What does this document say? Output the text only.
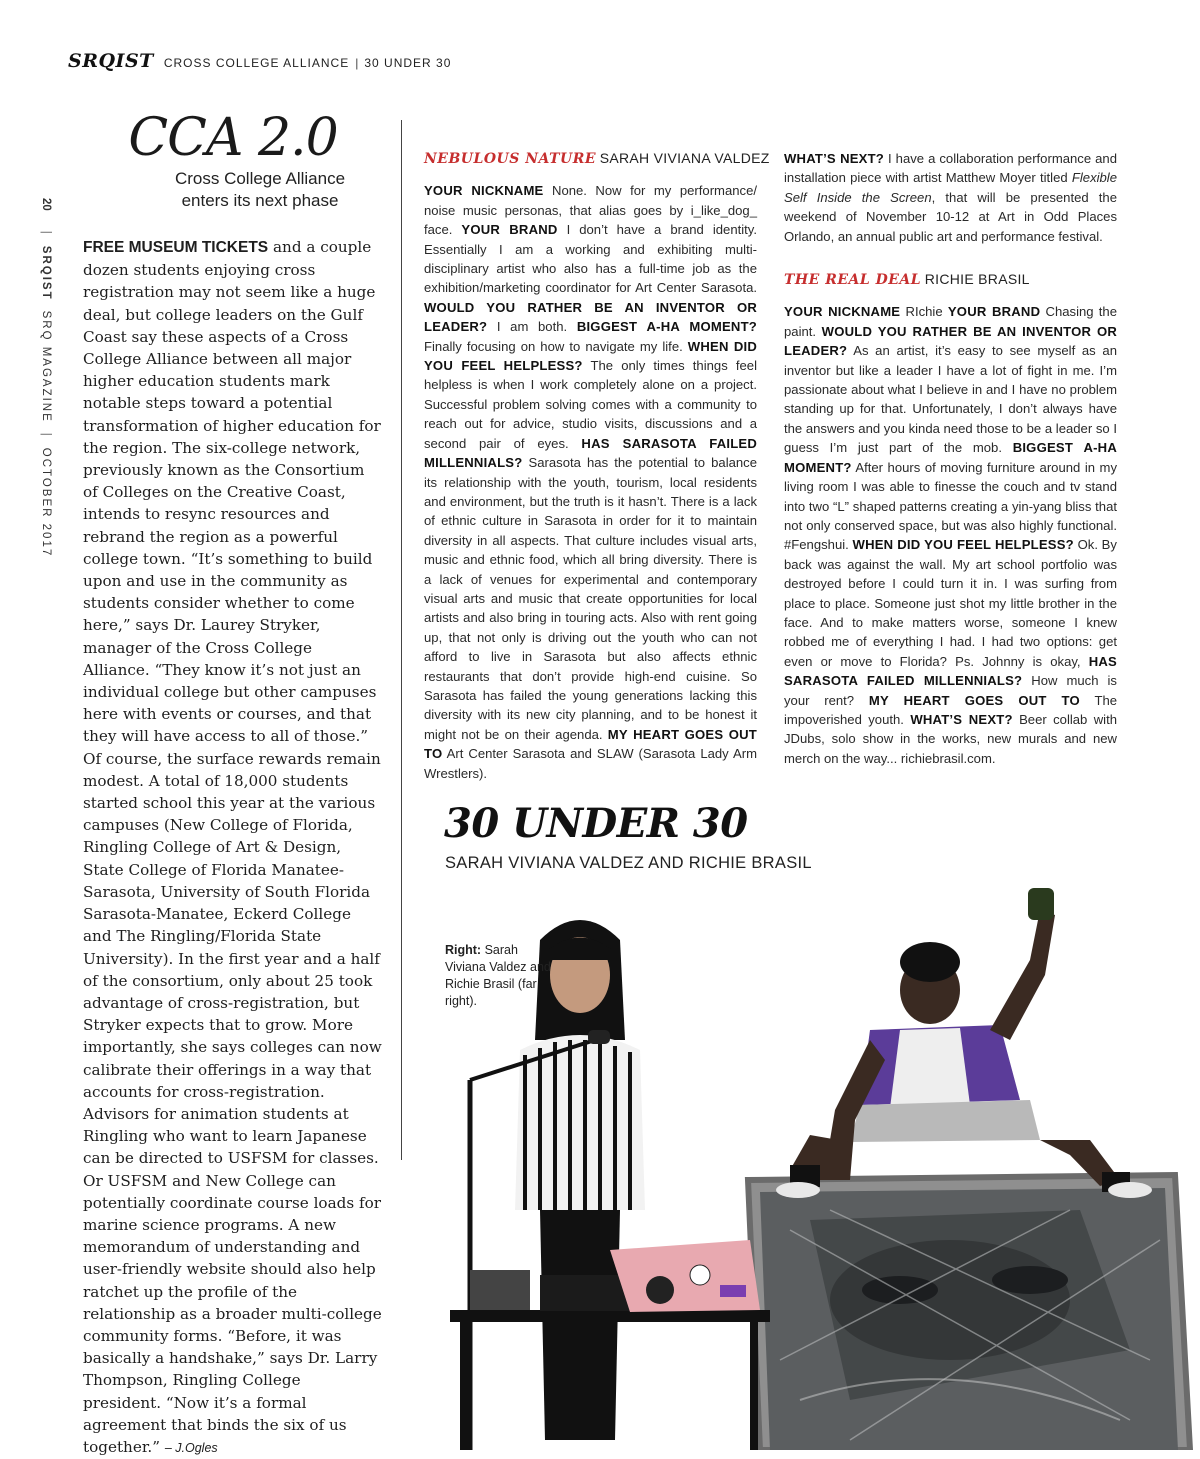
SRQIST CROSS COLLEGE ALLIANCE | 30 UNDER 30
20
|
SRQIST
SRQ MAGAZINE
|
OCTOBER 2017
CCA 2.0
Cross College Alliance
enters its next phase
FREE MUSEUM TICKETS and a couple dozen students enjoying cross registration may not seem like a huge deal, but college leaders on the Gulf Coast say these aspects of a Cross College Alliance between all major higher education students mark notable steps toward a potential transformation of higher education for the region. The six-college network, previously known as the Consortium of Colleges on the Creative Coast, intends to resync resources and rebrand the region as a powerful college town. “It’s something to build upon and use in the community as students consider whether to come here,” says Dr. Laurey Stryker, manager of the Cross College Alliance. “They know it’s not just an individual college but other campuses here with events or courses, and that they will have access to all of those.” Of course, the surface rewards remain modest. A total of 18,000 students started school this year at the various campuses (New College of Florida, Ringling College of Art & Design, State College of Florida Manatee-Sarasota, University of South Florida Sarasota-Manatee, Eckerd College and The Ringling/Florida State University). In the first year and a half of the consortium, only about 25 took advantage of cross-registration, but Stryker expects that to grow. More importantly, she says colleges can now calibrate their offerings in a way that accounts for cross-registration. Advisors for animation students at Ringling who want to learn Japanese can be directed to USFSM for classes. Or USFSM and New College can potentially coordinate course loads for marine science programs. A new memorandum of understanding and user-friendly website should also help ratchet up the profile of the relationship as a broader multi-college community forms. “Before, it was basically a handshake,” says Dr. Larry Thompson, Ringling College president. “Now it’s a formal agreement that binds the six of us together.” – J.Ogles
NEBULOUS NATURE SARAH VIVIANA VALDEZ
YOUR NICKNAME None. Now for my performance/ noise music personas, that alias goes by i_like_dog_ face. YOUR BRAND I don’t have a brand identity. Essentially I am a working and exhibiting multi-disciplinary artist who also has a full-time job as the exhibition/marketing coordinator for Art Center Sarasota. WOULD YOU RATHER BE AN INVENTOR OR LEADER? I am both. BIGGEST A-HA MOMENT? Finally focusing on how to navigate my life. WHEN DID YOU FEEL HELPLESS? The only times things feel helpless is when I work completely alone on a project. Successful problem solving comes with a community to reach out for advice, studio visits, discussions and a second pair of eyes. HAS SARASOTA FAILED MILLENNIALS? Sarasota has the potential to balance its relationship with the youth, tourism, local residents and environment, but the truth is it hasn’t. There is a lack of ethnic culture in Sarasota in order for it to maintain diversity in all aspects. That culture includes visual arts, music and ethnic food, which all bring diversity. There is a lack of venues for experimental and contemporary visual arts and music that create opportunities for local artists and also bring in touring acts. Also with rent going up, that not only is driving out the youth who can not afford to live in Sarasota but also affects ethnic restaurants that don’t provide high-end cuisine. So Sarasota has failed the young generations lacking this diversity with its new city planning, and to be honest it might not be on their agenda. MY HEART GOES OUT TO Art Center Sarasota and SLAW (Sarasota Lady Arm Wrestlers).
WHAT’S NEXT? I have a collaboration performance and installation piece with artist Matthew Moyer titled Flexible Self Inside the Screen, that will be presented the weekend of November 10-12 at Art in Odd Places Orlando, an annual public art and performance festival.
THE REAL DEAL RICHIE BRASIL
YOUR NICKNAME RIchie YOUR BRAND Chasing the paint. WOULD YOU RATHER BE AN INVENTOR OR LEADER? As an artist, it’s easy to see myself as an inventor but like a leader I have a lot of fight in me. I’m passionate about what I believe in and I have no problem standing up for that. Unfortunately, I don’t always have the answers and you kinda need those to be a leader so I guess I’m just part of the mob. BIGGEST A-HA MOMENT? After hours of moving furniture around in my living room I was able to finesse the couch and tv stand into two “L” shaped patterns creating a yin-yang bliss that not only conserved space, but was also highly functional. #Fengshui. WHEN DID YOU FEEL HELPLESS? Ok. By back was against the wall. My art school portfolio was destroyed before I could turn it in. I was surfing from place to place. Someone just shot my little brother in the face. And to make matters worse, someone I knew robbed me of everything I had. I had two options: get even or move to Florida? Ps. Johnny is okay, HAS SARASOTA FAILED MILLENNIALS? How much is your rent? MY HEART GOES OUT TO The impoverished youth. WHAT’S NEXT? Beer collab with JDubs, solo show in the works, new murals and new merch on the way... richiebrasil.com.
30 UNDER 30
SARAH VIVIANA VALDEZ AND RICHIE BRASIL
Right: Sarah Viviana Valdez and Richie Brasil (far right).
